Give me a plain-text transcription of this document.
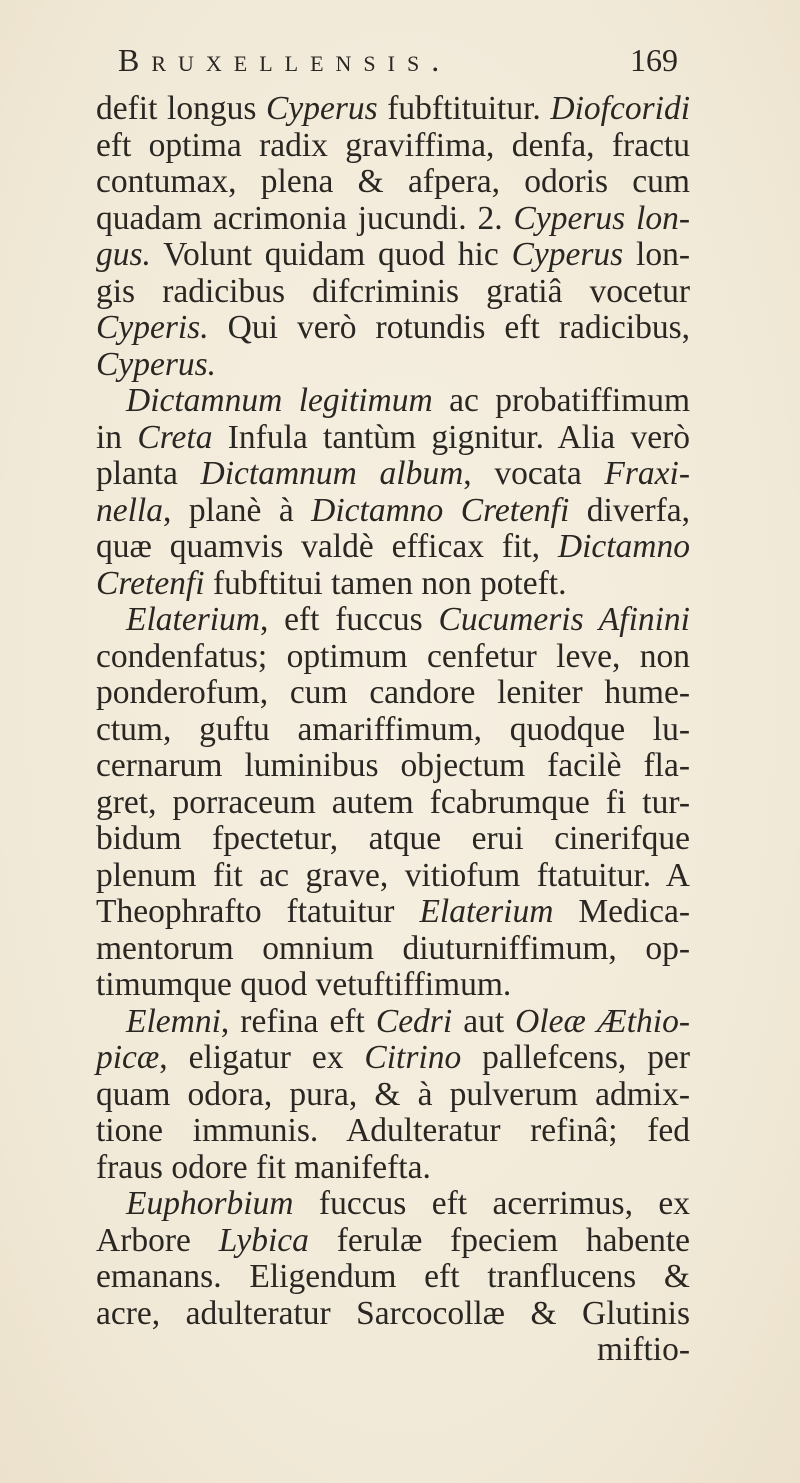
Bruxellensis.	169
defit longus Cyperus fubftituitur. Diofcoridi
eft optima radix graviffima, denfa, fractu
contumax, plena & afpera, odoris cum
quadam acrimonia jucundi. 2. Cyperus lon-
gus. Volunt quidam quod hic Cyperus lon-
gis radicibus difcriminis gratiâ vocetur
Cyperis. Qui verò rotundis eft radicibus,
Cyperus.
Dictamnum legitimum ac probatiffimum
in Creta Infula tantùm gignitur. Alia verò
planta Dictamnum album, vocata Fraxi-
nella, planè à Dictamno Cretenfi diverfa,
quæ quamvis valdè efficax fit, Dictamno
Cretenfi fubftitui tamen non poteft.
Elaterium, eft fuccus Cucumeris Afinini
condenfatus; optimum cenfetur leve, non
ponderofum, cum candore leniter hume-
ctum, guftu amariffimum, quodque lu-
cernarum luminibus objectum facilè fla-
gret, porraceum autem fcabrumque fi tur-
bidum fpectetur, atque erui cinerifque
plenum fit ac grave, vitiofum ftatuitur. A
Theophrafto ftatuitur Elaterium Medica-
mentorum omnium diuturniffimum, op-
timumque quod vetuftiffimum.
Elemni, refina eft Cedri aut Oleæ Æthio-
picæ, eligatur ex Citrino pallefcens, per
quam odora, pura, & à pulverum admix-
tione immunis. Adulteratur refinâ; fed
fraus odore fit manifefta.
Euphorbium fuccus eft acerrimus, ex
Arbore Lybica ferulæ fpeciem habente
emanans. Eligendum eft tranflucens &
acre, adulteratur Sarcocollæ & Glutinis
miftio-
